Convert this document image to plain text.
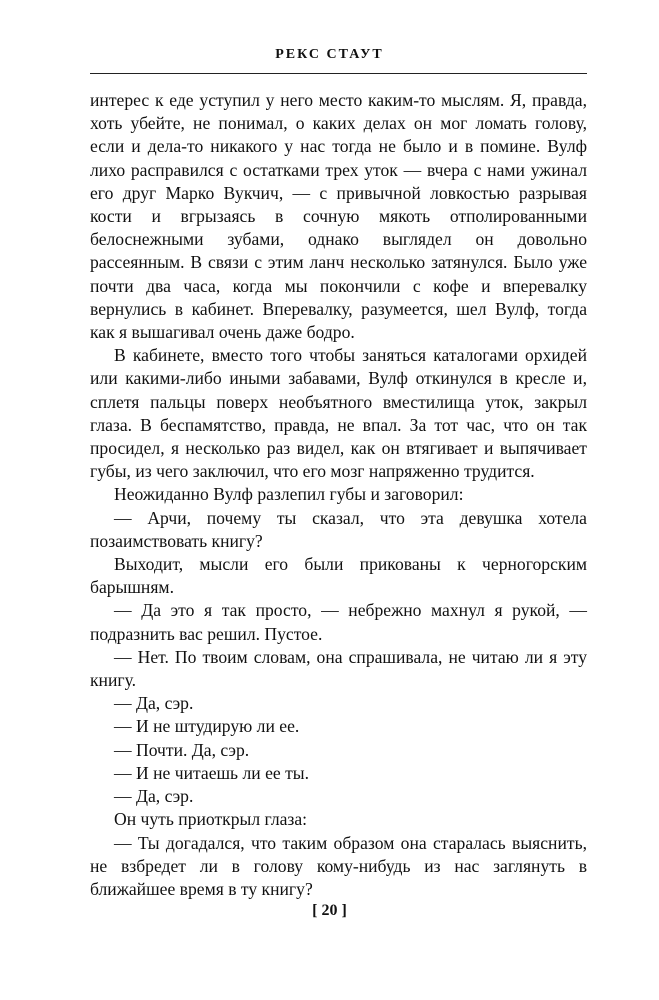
РЕКС СТАУТ

интерес к еде уступил у него место каким-то мыслям. Я, правда, хоть убейте, не понимал, о каких делах он мог ломать голову, если и дела-то никакого у нас тогда не было и в помине. Вулф лихо расправился с остатками трех уток — вчера с нами ужинал его друг Марко Вукчич, — с привычной ловкостью разрывая кости и вгрызаясь в сочную мякоть отполированными белоснежными зубами, однако выглядел он довольно рассеянным. В связи с этим ланч несколько затянулся. Было уже почти два часа, когда мы покончили с кофе и вперевалку вернулись в кабинет. Вперевалку, разумеется, шел Вулф, тогда как я вышагивал очень даже бодро.

В кабинете, вместо того чтобы заняться каталогами орхидей или какими-либо иными забавами, Вулф откинулся в кресле и, сплетя пальцы поверх необъятного вместилища уток, закрыл глаза. В беспамятство, правда, не впал. За тот час, что он так просидел, я несколько раз видел, как он втягивает и выпячивает губы, из чего заключил, что его мозг напряженно трудится.

Неожиданно Вулф разлепил губы и заговорил:

— Арчи, почему ты сказал, что эта девушка хотела позаимствовать книгу?

Выходит, мысли его были прикованы к черногорским барышням.

— Да это я так просто, — небрежно махнул я рукой, — подразнить вас решил. Пустое.

— Нет. По твоим словам, она спрашивала, не читаю ли я эту книгу.

— Да, сэр.

— И не штудирую ли ее.

— Почти. Да, сэр.

— И не читаешь ли ее ты.

— Да, сэр.

Он чуть приоткрыл глаза:

— Ты догадался, что таким образом она старалась выяснить, не взбредет ли в голову кому-нибудь из нас заглянуть в ближайшее время в ту книгу?

[ 20 ]
